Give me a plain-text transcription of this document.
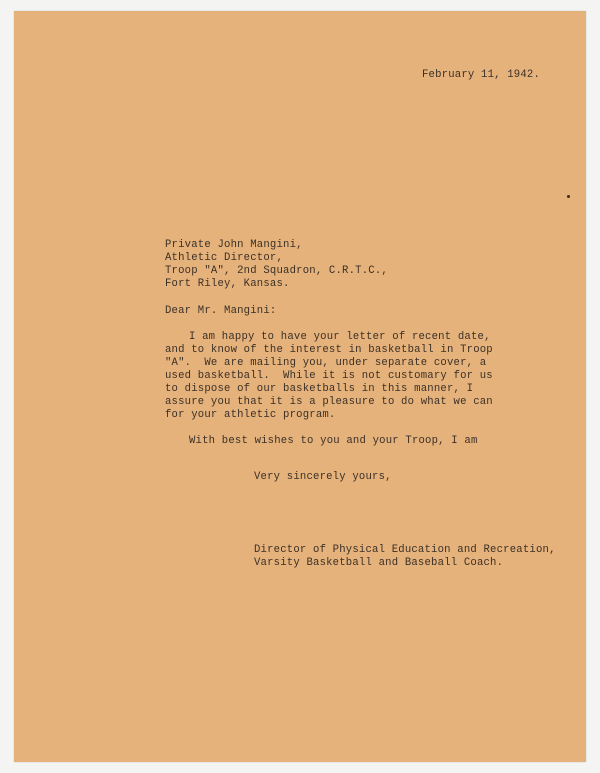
February 11, 1942.
Private John Mangini,
Athletic Director,
Troop "A", 2nd Squadron, C.R.T.C.,
Fort Riley, Kansas.
Dear Mr. Mangini:
I am happy to have your letter of recent date,
and to know of the interest in basketball in Troop
"A".  We are mailing you, under separate cover, a
used basketball.  While it is not customary for us
to dispose of our basketballs in this manner, I
assure you that it is a pleasure to do what we can
for your athletic program.
With best wishes to you and your Troop, I am
Very sincerely yours,
Director of Physical Education and Recreation,
Varsity Basketball and Baseball Coach.
